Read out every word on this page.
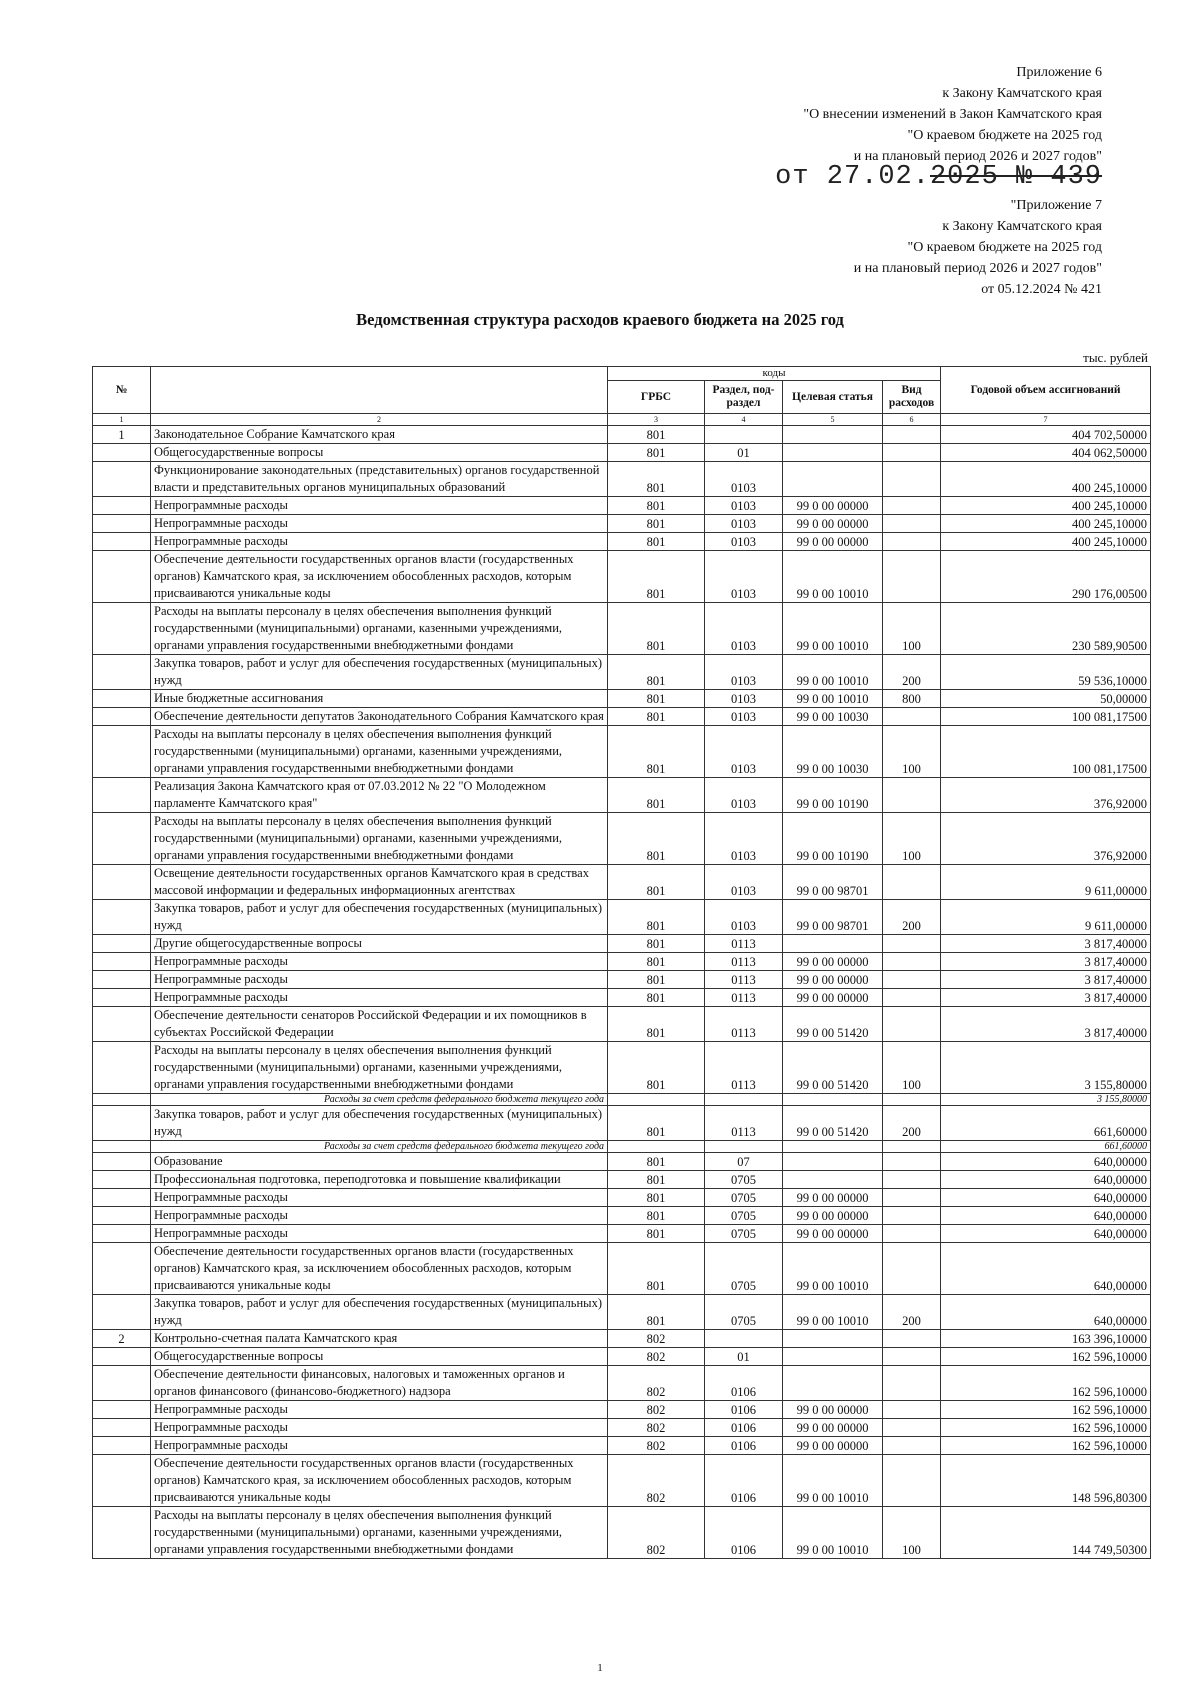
Приложение 6
к Закону Камчатского края
"О внесении изменений в Закон Камчатского края
"О краевом бюджете на 2025 год
и на плановый период 2026 и 2027 годов"
от 27.02.2025 № 439
"Приложение 7
к Закону Камчатского края
"О краевом бюджете на 2025 год
и на плановый период 2026 и 2027 годов"
от 05.12.2024 № 421
Ведомственная структура расходов краевого бюджета на 2025 год
тыс. рублей
№		коды				Годовой объем ассигнований
		ГРБС	Раздел, под-раздел	Целевая статья	Вид расходов	
1	2	3	4	5	6	7
1	Законодательное Собрание Камчатского края	801				404 702,50000
	Общегосударственные вопросы	801	01			404 062,50000
	Функционирование законодательных (представительных) органов государственной власти и представительных органов муниципальных образований	801	0103			400 245,10000
	Непрограммные расходы	801	0103	99 0 00 00000		400 245,10000
	Непрограммные расходы	801	0103	99 0 00 00000		400 245,10000
	Непрограммные расходы	801	0103	99 0 00 00000		400 245,10000
	Обеспечение деятельности государственных органов власти (государственных органов) Камчатского края, за исключением обособленных расходов, которым присваиваются уникальные коды	801	0103	99 0 00 10010		290 176,00500
	Расходы на выплаты персоналу в целях обеспечения выполнения функций государственными (муниципальными) органами, казенными учреждениями, органами управления государственными внебюджетными фондами	801	0103	99 0 00 10010	100	230 589,90500
	Закупка товаров, работ и услуг для обеспечения государственных (муниципальных) нужд	801	0103	99 0 00 10010	200	59 536,10000
	Иные бюджетные ассигнования	801	0103	99 0 00 10010	800	50,00000
	Обеспечение деятельности депутатов Законодательного Собрания Камчатского края	801	0103	99 0 00 10030		100 081,17500
	Расходы на выплаты персоналу в целях обеспечения выполнения функций государственными (муниципальными) органами, казенными учреждениями, органами управления государственными внебюджетными фондами	801	0103	99 0 00 10030	100	100 081,17500
	Реализация Закона Камчатского края от 07.03.2012 № 22 "О Молодежном парламенте Камчатского края"	801	0103	99 0 00 10190		376,92000
	Расходы на выплаты персоналу в целях обеспечения выполнения функций государственными (муниципальными) органами, казенными учреждениями, органами управления государственными внебюджетными фондами	801	0103	99 0 00 10190	100	376,92000
	Освещение деятельности государственных органов Камчатского края в средствах массовой информации и федеральных информационных агентствах	801	0103	99 0 00 98701		9 611,00000
	Закупка товаров, работ и услуг для обеспечения государственных (муниципальных) нужд	801	0103	99 0 00 98701	200	9 611,00000
	Другие общегосударственные вопросы	801	0113			3 817,40000
	Непрограммные расходы	801	0113	99 0 00 00000		3 817,40000
	Непрограммные расходы	801	0113	99 0 00 00000		3 817,40000
	Непрограммные расходы	801	0113	99 0 00 00000		3 817,40000
	Обеспечение деятельности сенаторов Российской Федерации и их помощников в субъектах Российской Федерации	801	0113	99 0 00 51420		3 817,40000
	Расходы на выплаты персоналу в целях обеспечения выполнения функций государственными (муниципальными) органами, казенными учреждениями, органами управления государственными внебюджетными фондами	801	0113	99 0 00 51420	100	3 155,80000
	Расходы за счет средств федерального бюджета текущего года					3 155,80000
	Закупка товаров, работ и услуг для обеспечения государственных (муниципальных) нужд	801	0113	99 0 00 51420	200	661,60000
	Расходы за счет средств федерального бюджета текущего года					661,60000
	Образование	801	07			640,00000
	Профессиональная подготовка, переподготовка и повышение квалификации	801	0705			640,00000
	Непрограммные расходы	801	0705	99 0 00 00000		640,00000
	Непрограммные расходы	801	0705	99 0 00 00000		640,00000
	Непрограммные расходы	801	0705	99 0 00 00000		640,00000
	Обеспечение деятельности государственных органов власти (государственных органов) Камчатского края, за исключением обособленных расходов, которым присваиваются уникальные коды	801	0705	99 0 00 10010		640,00000
	Закупка товаров, работ и услуг для обеспечения государственных (муниципальных) нужд	801	0705	99 0 00 10010	200	640,00000
2	Контрольно-счетная палата Камчатского края	802				163 396,10000
	Общегосударственные вопросы	802	01			162 596,10000
	Обеспечение деятельности финансовых, налоговых и таможенных органов и органов финансового (финансово-бюджетного) надзора	802	0106			162 596,10000
	Непрограммные расходы	802	0106	99 0 00 00000		162 596,10000
	Непрограммные расходы	802	0106	99 0 00 00000		162 596,10000
	Непрограммные расходы	802	0106	99 0 00 00000		162 596,10000
	Обеспечение деятельности государственных органов власти (государственных органов) Камчатского края, за исключением обособленных расходов, которым присваиваются уникальные коды	802	0106	99 0 00 10010		148 596,80300
	Расходы на выплаты персоналу в целях обеспечения выполнения функций государственными (муниципальными) органами, казенными учреждениями, органами управления государственными внебюджетными фондами	802	0106	99 0 00 10010	100	144 749,50300
1
